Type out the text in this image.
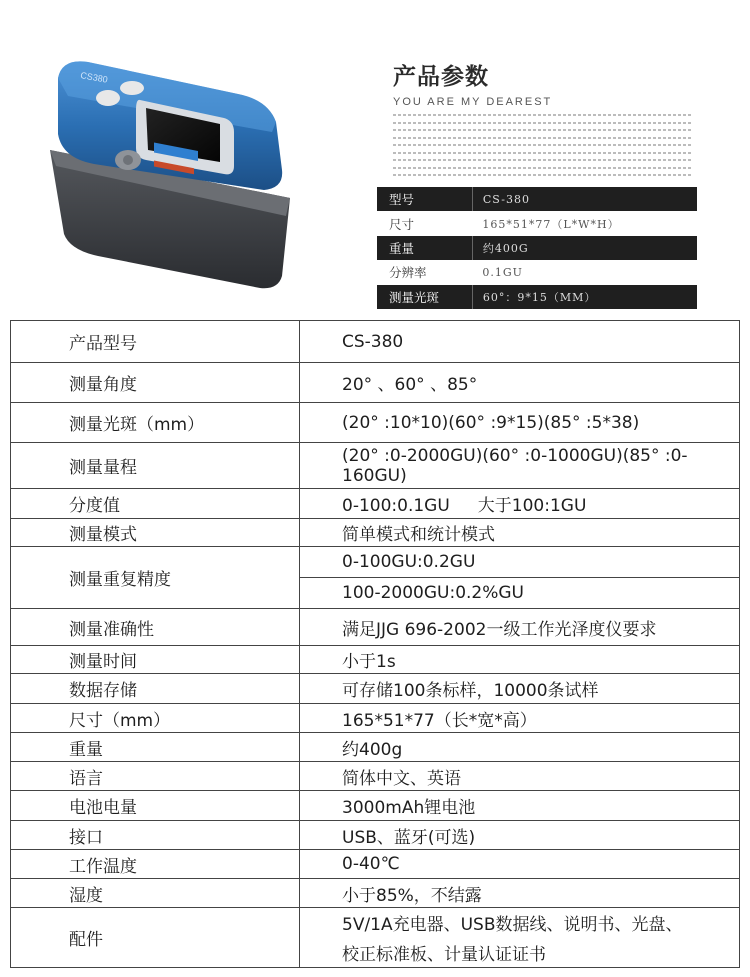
CS380	产品参数
YOU ARE MY DEAREST
型号	CS-380
尺寸	165*51*77（L*W*H）
重量	约400G
分辨率	0.1GU
测量光斑	60°：9*15（MM）
产品型号	CS-380
测量角度	20° 、60° 、85°
测量光斑（mm）	(20° :10*10)(60° :9*15)(85° :5*38)
测量量程	(20° :0-2000GU)(60° :0-1000GU)(85° :0-160GU)
分度值	0-100:0.1GU 大于100:1GU
测量模式	简单模式和统计模式
测量重复精度	0-100GU:0.2GU
	100-2000GU:0.2%GU
测量准确性	满足JJG 696-2002一级工作光泽度仪要求
测量时间	小于1s
数据存储	可存储100条标样，10000条试样
尺寸（mm）	165*51*77（长*宽*高）
重量	约400g
语言	简体中文、英语
电池电量	3000mAh锂电池
接口	USB、蓝牙(可选)
工作温度	0-40℃
湿度	小于85%，不结露
配件	5V/1A充电器、USB数据线、说明书、光盘、
校正标准板、计量认证证书
